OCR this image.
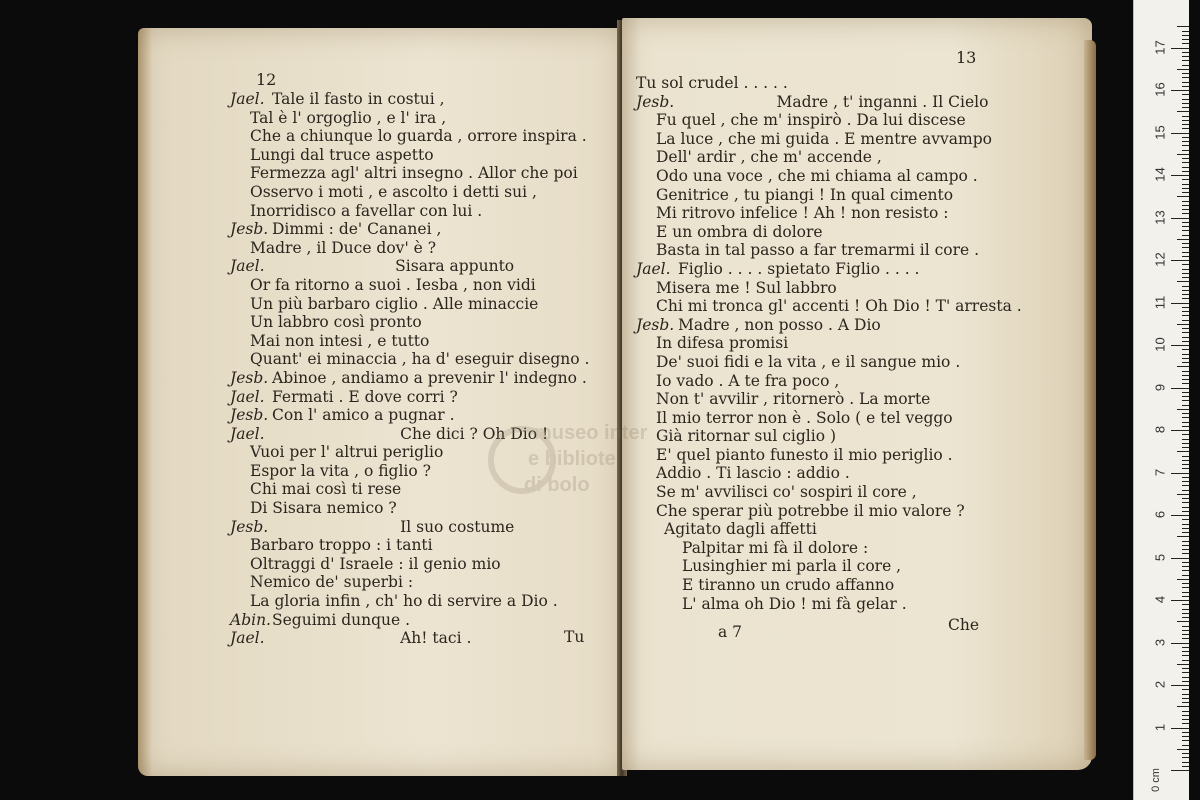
12
Jael. Tale il fasto in costui ,
Tal è l' orgoglio , e l' ira ,
Che a chiunque lo guarda , orrore inspira .
Lungi dal truce aspetto
Fermezza agl' altri insegno . Allor che poi
Osservo i moti , e ascolto i detti sui ,
Inorridisco a favellar con lui .
Jesb. Dimmi : de' Cananei ,
Madre , il Duce dov' è ?
Jael.                         Sisara appunto
Or fa ritorno a suoi . Iesba , non vidi
Un più barbaro ciglio . Alle minaccie
Un labbro così pronto
Mai non intesi , e tutto
Quant' ei minaccia , ha d' eseguir disegno .
Jesb. Abinoe , andiamo a prevenir l' indegno .
Jael. Fermati . E dove corri ?
Jesb. Con l' amico a pugnar .
Jael.                          Che dici ? Oh Dio !
Vuoi per l' altrui periglio
Espor la vita , o figlio ?
Chi mai così ti rese
Di Sisara nemico ?
Jesb.                          Il suo costume
Barbaro troppo : i tanti
Oltraggi d' Israele : il genio mio
Nemico de' superbi :
La gloria infin , ch' ho di servire a Dio .
Abin.Seguimi dunque .
Jael.                          Ah! taci .	Tu
13
Tu sol crudel . . . . .
Jesb.                    Madre , t' inganni . Il Cielo
Fu quel , che m' inspirò . Da lui discese
La luce , che mi guida . E mentre avvampo
Dell' ardir , che m' accende ,
Odo una voce , che mi chiama al campo .
Genitrice , tu piangi ! In qual cimento
Mi ritrovo infelice ! Ah ! non resisto :
E un ombra di dolore
Basta in tal passo a far tremarmi il core .
Jael. Figlio . . . . spietato Figlio . . . .
Misera me ! Sul labbro
Chi mi tronca gl' accenti ! Oh Dio ! T' arresta .
Jesb. Madre , non posso . A Dio
In difesa promisi
De' suoi fidi e la vita , e il sangue mio .
Io vado . A te fra poco ,
Non t' avvilir , ritornerò . La morte
Il mio terror non è . Solo ( e tel veggo
Già ritornar sul ciglio )
E' quel pianto funesto il mio periglio .
Addio . Ti lascio : addio .
Se m' avvilisci co' sospiri il core ,
Che sperar più potrebbe il mio valore ?
Agitato dagli affetti
Palpitar mi fà il dolore :
Lusinghier mi parla il core ,
E tiranno un crudo affanno
L' alma oh Dio ! mi fà gelar .
a 7	Che
museo inter
e bibliote
di bolo
0 cm
17
16
15
14
13
12
11
10
9
8
7
6
5
4
3
2
1
